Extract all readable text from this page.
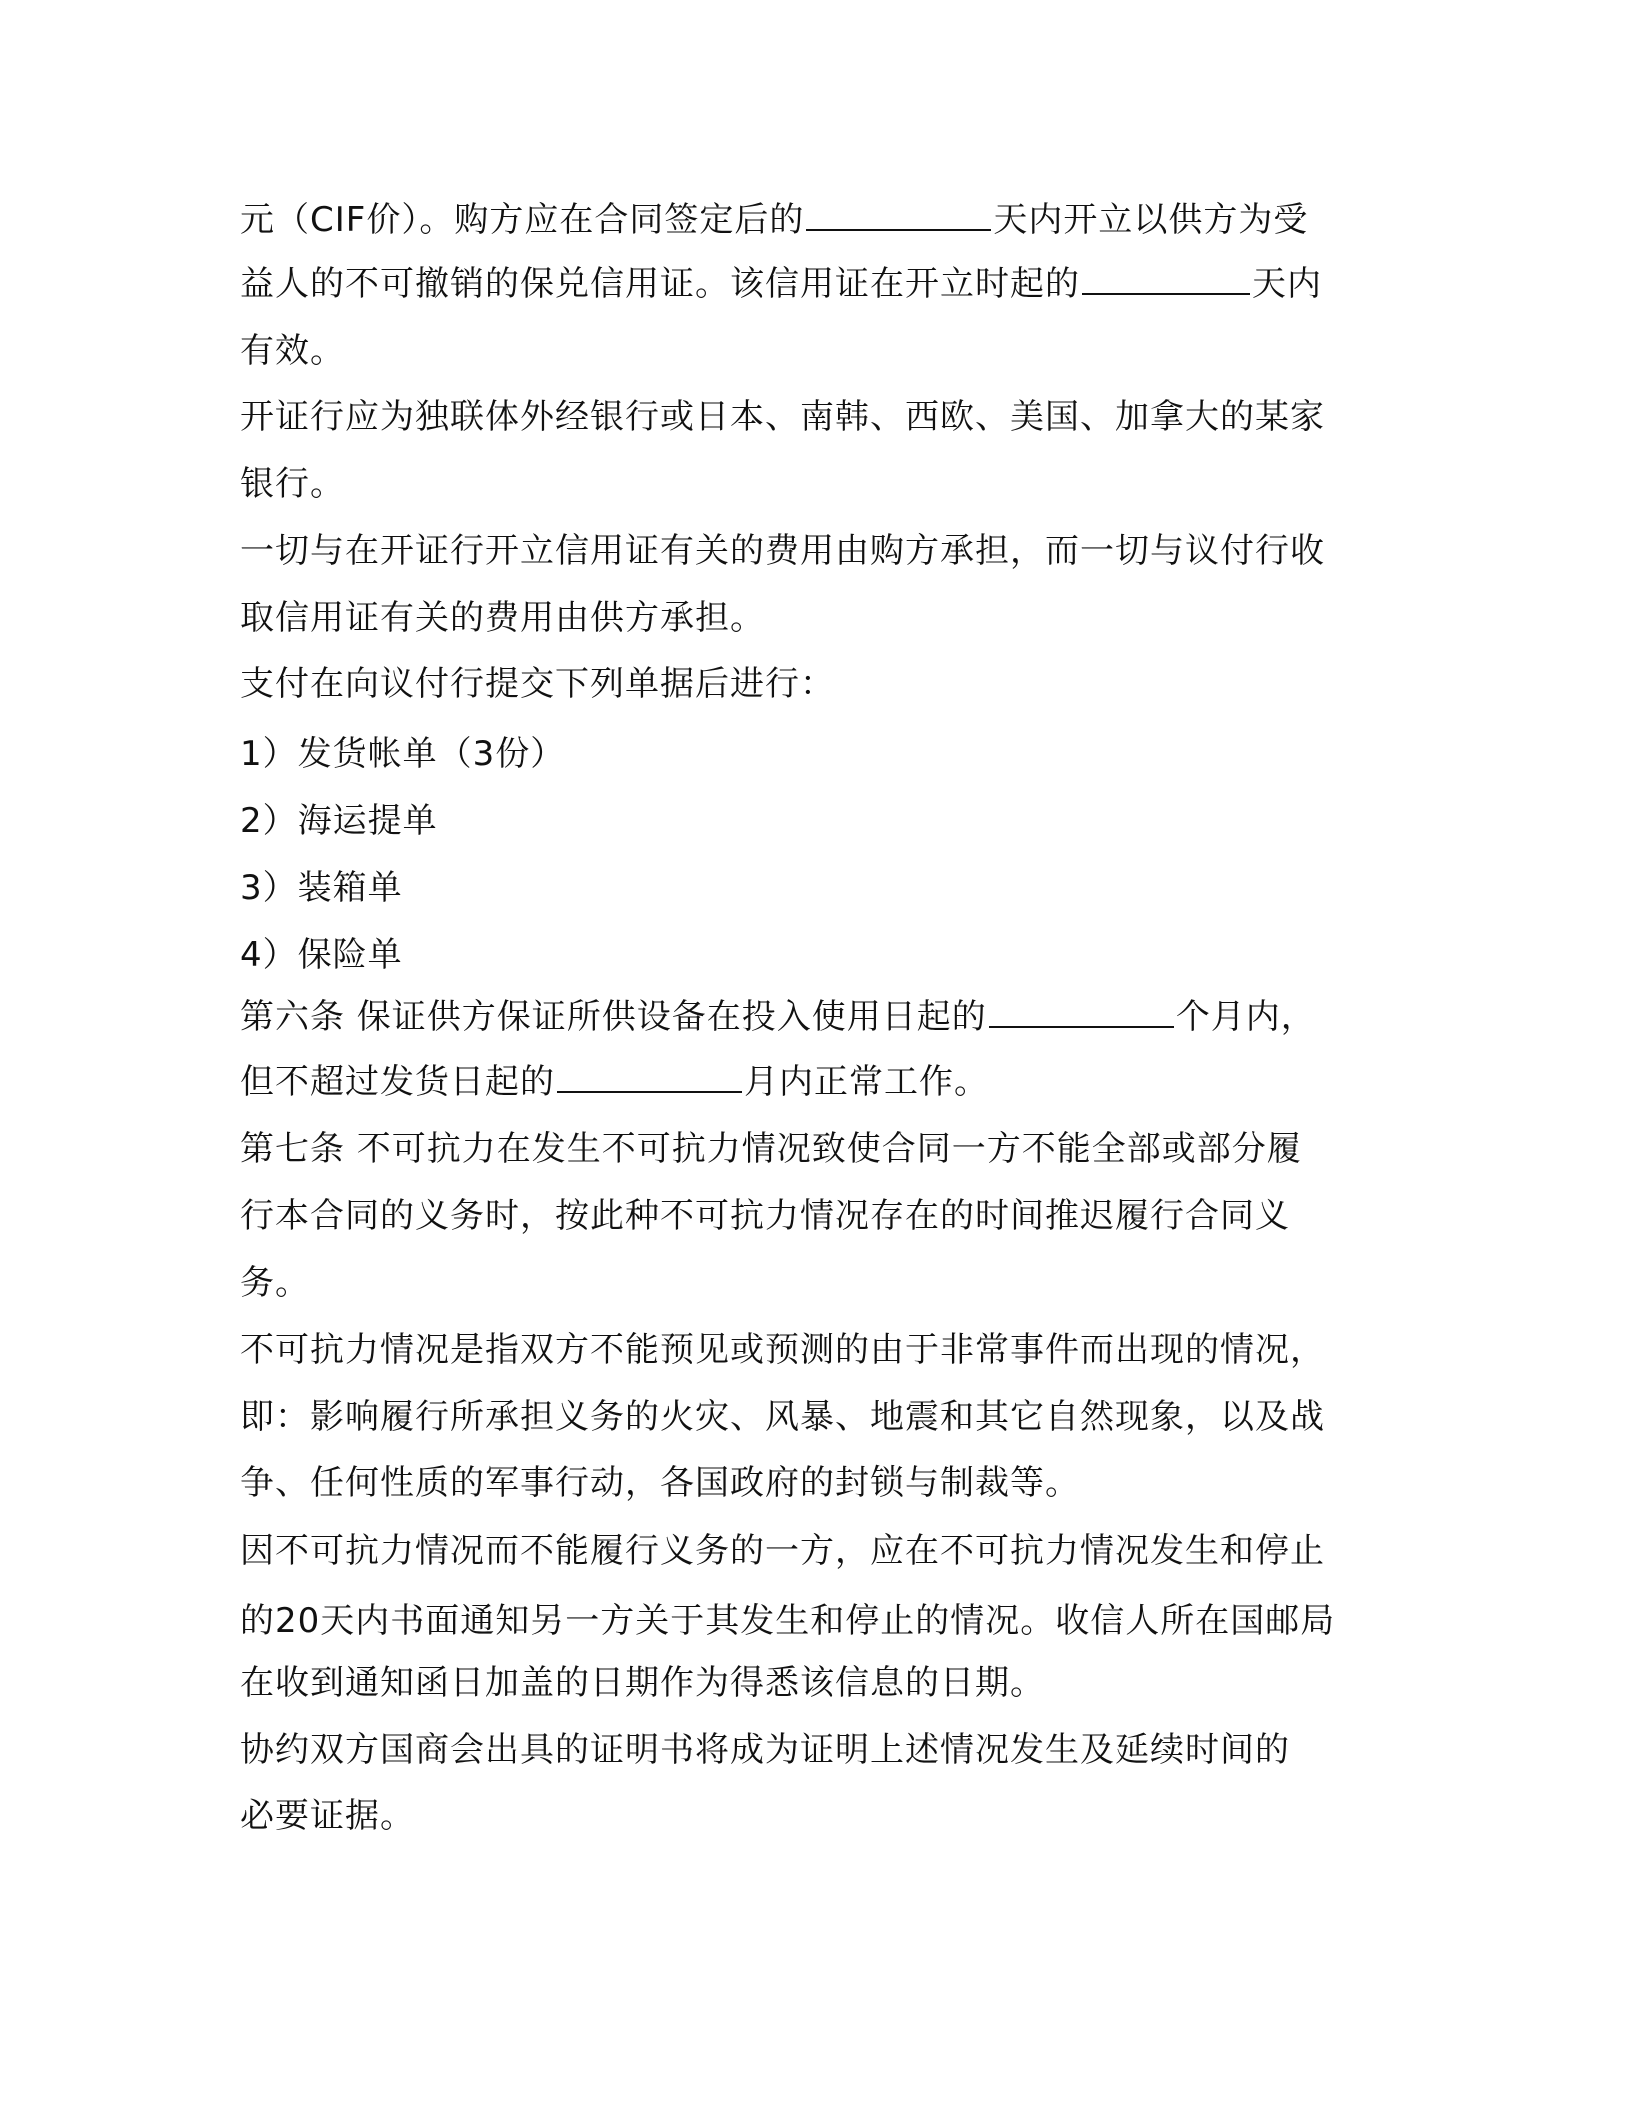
元（CIF价）。购方应在合同签定后的	天内开立以供方为受
益人的不可撤销的保兑信用证。该信用证在开立时起的	天内
有效。
开证行应为独联体外经银行或日本、南韩、西欧、美国、加拿大的某家
银行。
一切与在开证行开立信用证有关的费用由购方承担，而一切与议付行收
取信用证有关的费用由供方承担。
支付在向议付行提交下列单据后进行：
1）发货帐单（3份）
2）海运提单
3）装箱单
4）保险单
第六条 保证供方保证所供设备在投入使用日起的	个月内，
但不超过发货日起的	月内正常工作。
第七条 不可抗力在发生不可抗力情况致使合同一方不能全部或部分履
行本合同的义务时，按此种不可抗力情况存在的时间推迟履行合同义
务。
不可抗力情况是指双方不能预见或预测的由于非常事件而出现的情况，
即：影响履行所承担义务的火灾、风暴、地震和其它自然现象，以及战
争、任何性质的军事行动，各国政府的封锁与制裁等。
因不可抗力情况而不能履行义务的一方，应在不可抗力情况发生和停止
的20天内书面通知另一方关于其发生和停止的情况。收信人所在国邮局
在收到通知函日加盖的日期作为得悉该信息的日期。
协约双方国商会出具的证明书将成为证明上述情况发生及延续时间的
必要证据。
